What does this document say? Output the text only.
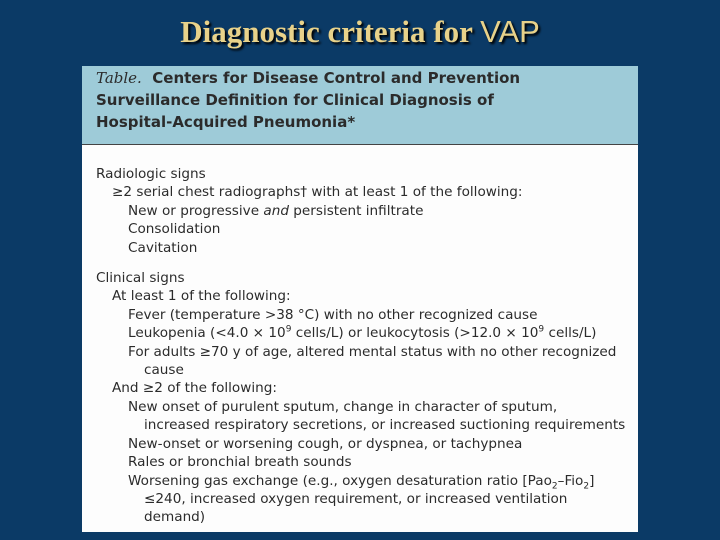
Diagnostic criteria for VAP
Table. Centers for Disease Control and Prevention
Surveillance Definition for Clinical Diagnosis of
Hospital-Acquired Pneumonia*
Radiologic signs
≥2 serial chest radiographs† with at least 1 of the following:
New or progressive and persistent infiltrate
Consolidation
Cavitation
Clinical signs
At least 1 of the following:
Fever (temperature >38 °C) with no other recognized cause
Leukopenia ($<4.0 \times 10^9$ cells/L) or leukocytosis ($>12.0 \times 10^9$ cells/L)
For adults ≥70 y of age, altered mental status with no other recognized
cause
And ≥2 of the following:
New onset of purulent sputum, change in character of sputum,
increased respiratory secretions, or increased suctioning requirements
New-onset or worsening cough, or dyspnea, or tachypnea
Rales or bronchial breath sounds
Worsening gas exchange (e.g., oxygen desaturation ratio [Pao$_2$–Fio$_2$]
≤240, increased oxygen requirement, or increased ventilation
demand)
